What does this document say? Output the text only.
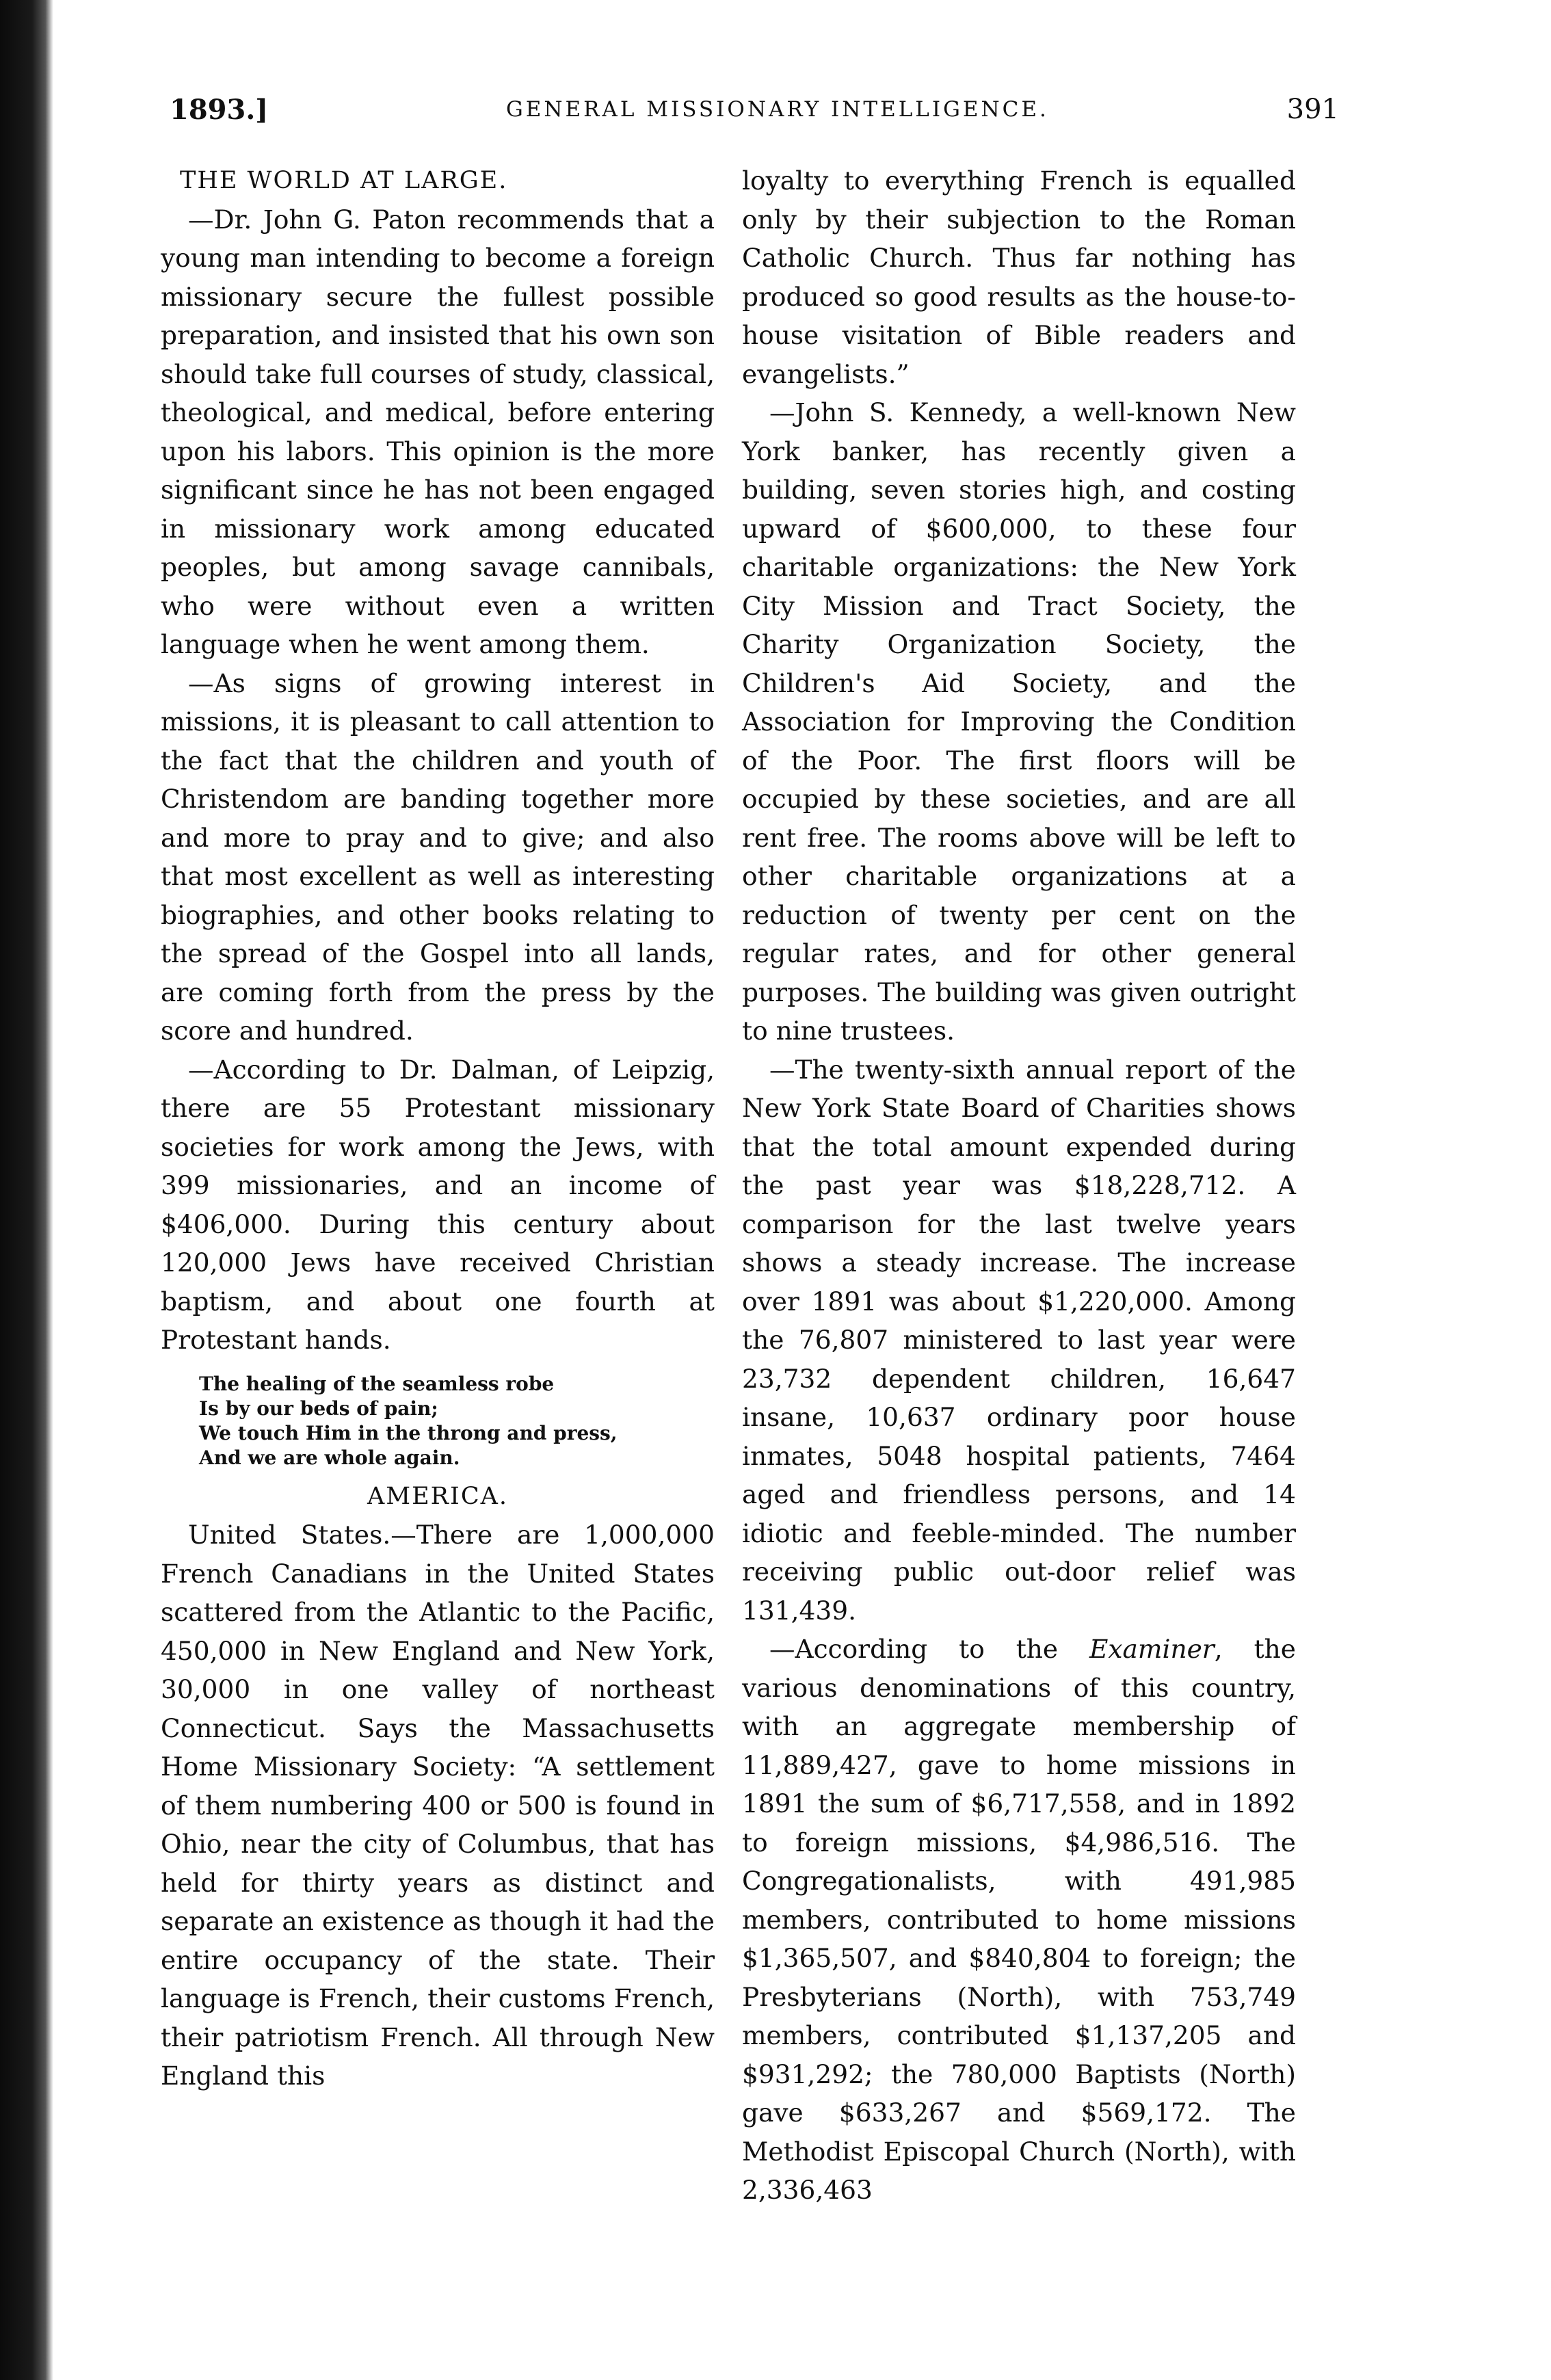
1893.]	GENERAL MISSIONARY INTELLIGENCE.	391

THE WORLD AT LARGE.

—Dr. John G. Paton recommends that a young man intending to become a foreign missionary secure the fullest possible preparation, and insisted that his own son should take full courses of study, classical, theological, and medical, before entering upon his labors. This opinion is the more significant since he has not been engaged in missionary work among educated peoples, but among savage cannibals, who were without even a written language when he went among them.

—As signs of growing interest in missions, it is pleasant to call attention to the fact that the children and youth of Christendom are banding together more and more to pray and to give; and also that most excellent as well as interesting biographies, and other books relating to the spread of the Gospel into all lands, are coming forth from the press by the score and hundred.

—According to Dr. Dalman, of Leipzig, there are 55 Protestant missionary societies for work among the Jews, with 399 missionaries, and an income of $406,000. During this century about 120,000 Jews have received Christian baptism, and about one fourth at Protestant hands.

The healing of the seamless robe
Is by our beds of pain;
We touch Him in the throng and press,
And we are whole again.

AMERICA.

United States.—There are 1,000,000 French Canadians in the United States scattered from the Atlantic to the Pacific, 450,000 in New England and New York, 30,000 in one valley of northeast Connecticut. Says the Massachusetts Home Missionary Society: “A settlement of them numbering 400 or 500 is found in Ohio, near the city of Columbus, that has held for thirty years as distinct and separate an existence as though it had the entire occupancy of the state. Their language is French, their customs French, their patriotism French. All through New England this

loyalty to everything French is equalled only by their subjection to the Roman Catholic Church. Thus far nothing has produced so good results as the house-to-house visitation of Bible readers and evangelists.”

—John S. Kennedy, a well-known New York banker, has recently given a building, seven stories high, and costing upward of $600,000, to these four charitable organizations: the New York City Mission and Tract Society, the Charity Organization Society, the Children's Aid Society, and the Association for Improving the Condition of the Poor. The first floors will be occupied by these societies, and are all rent free. The rooms above will be left to other charitable organizations at a reduction of twenty per cent on the regular rates, and for other general purposes. The building was given outright to nine trustees.

—The twenty-sixth annual report of the New York State Board of Charities shows that the total amount expended during the past year was $18,228,712. A comparison for the last twelve years shows a steady increase. The increase over 1891 was about $1,220,000. Among the 76,807 ministered to last year were 23,732 dependent children, 16,647 insane, 10,637 ordinary poor house inmates, 5048 hospital patients, 7464 aged and friendless persons, and 14 idiotic and feeble-minded. The number receiving public out-door relief was 131,439.

—According to the Examiner, the various denominations of this country, with an aggregate membership of 11,889,427, gave to home missions in 1891 the sum of $6,717,558, and in 1892 to foreign missions, $4,986,516. The Congregationalists, with 491,985 members, contributed to home missions $1,365,507, and $840,804 to foreign; the Presbyterians (North), with 753,749 members, contributed $1,137,205 and $931,292; the 780,000 Baptists (North) gave $633,267 and $569,172. The Methodist Episcopal Church (North), with 2,336,463
